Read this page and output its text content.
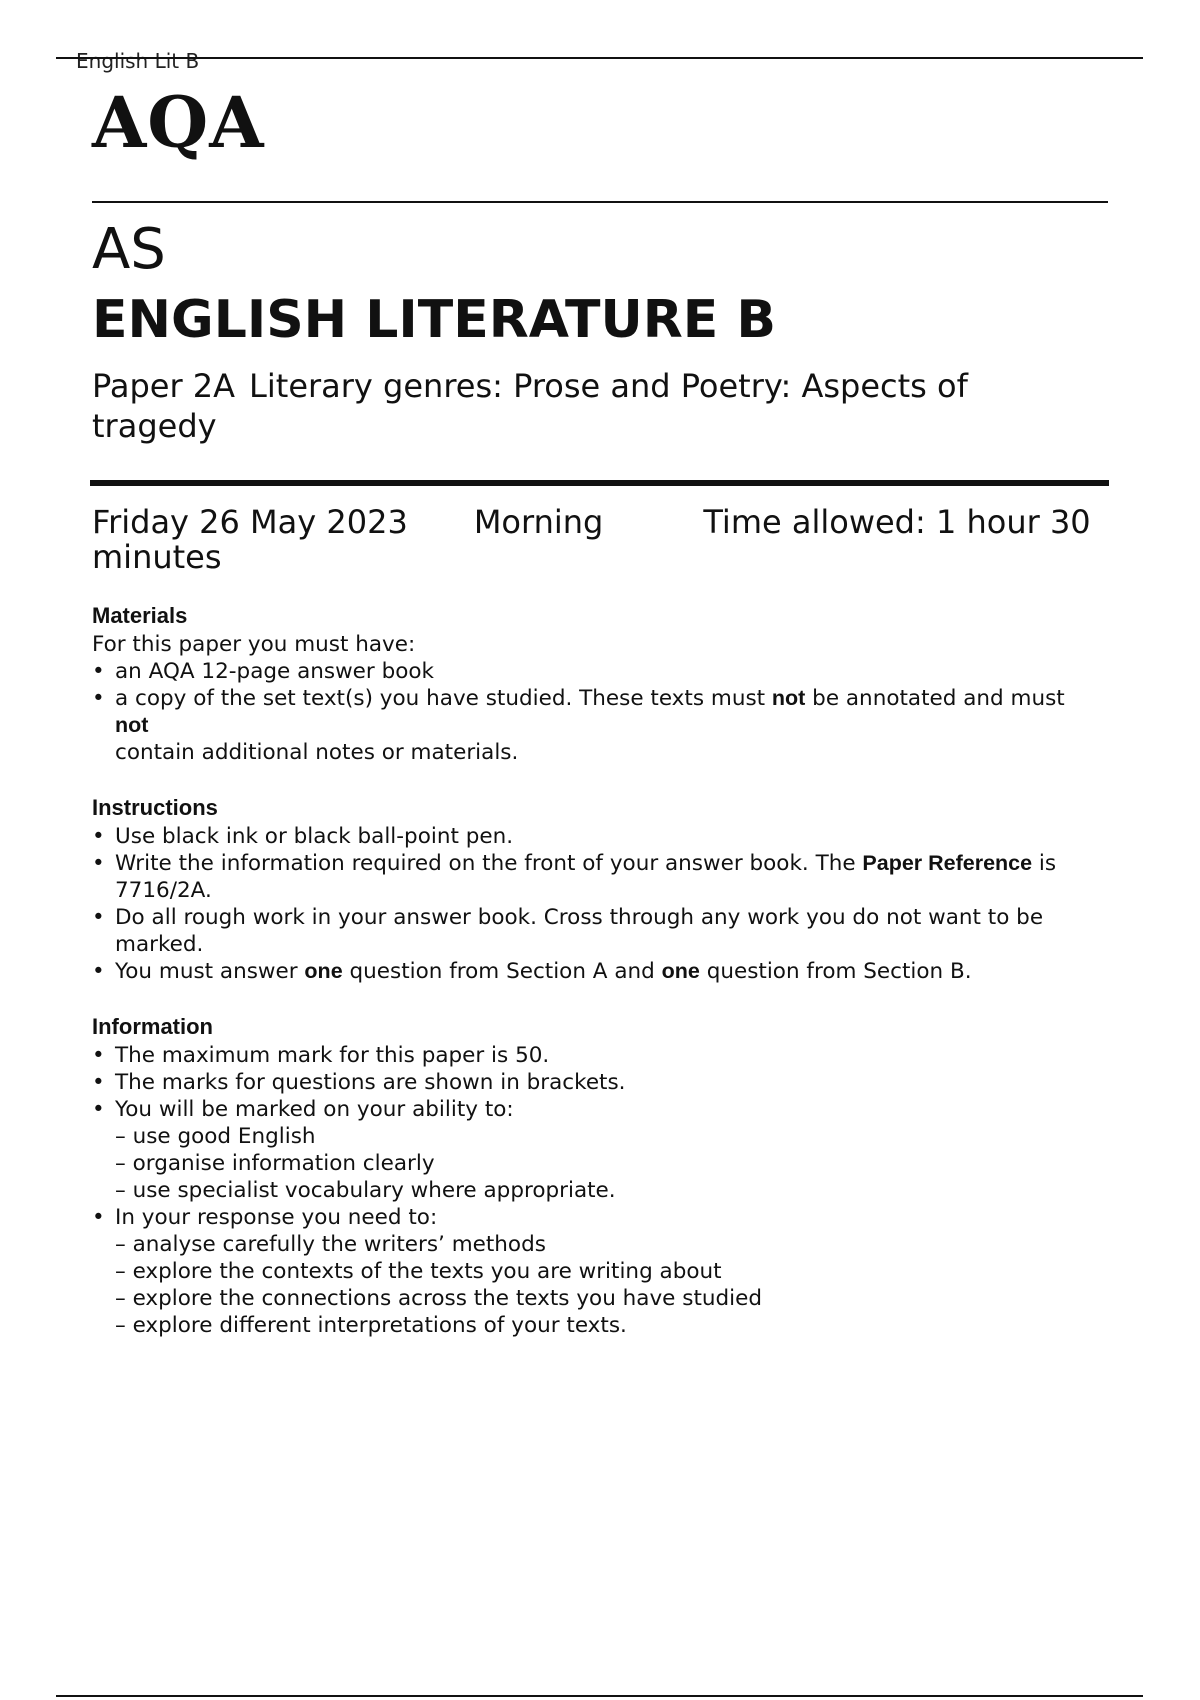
English Lit B
AQA
AS
ENGLISH LITERATURE B
Paper 2A Literary genres: Prose and Poetry: Aspects of tragedy
Friday 26 May 2023 Morning	Time allowed: 1 hour 30 minutes
Materials
For this paper you must have:
• an AQA 12-page answer book
• a copy of the set text(s) you have studied. These texts must not be annotated and must
not
contain additional notes or materials.
Instructions
• Use black ink or black ball-point pen.
• Write the information required on the front of your answer book. The Paper Reference is 7716/2A.
• Do all rough work in your answer book. Cross through any work you do not want to be marked.
• You must answer one question from Section A and one question from Section B.
Information
• The maximum mark for this paper is 50.
• The marks for questions are shown in brackets.
• You will be marked on your ability to:
– use good English
– organise information clearly
– use specialist vocabulary where appropriate.
• In your response you need to:
– analyse carefully the writers’ methods
– explore the contexts of the texts you are writing about
– explore the connections across the texts you have studied
– explore different interpretations of your texts.
